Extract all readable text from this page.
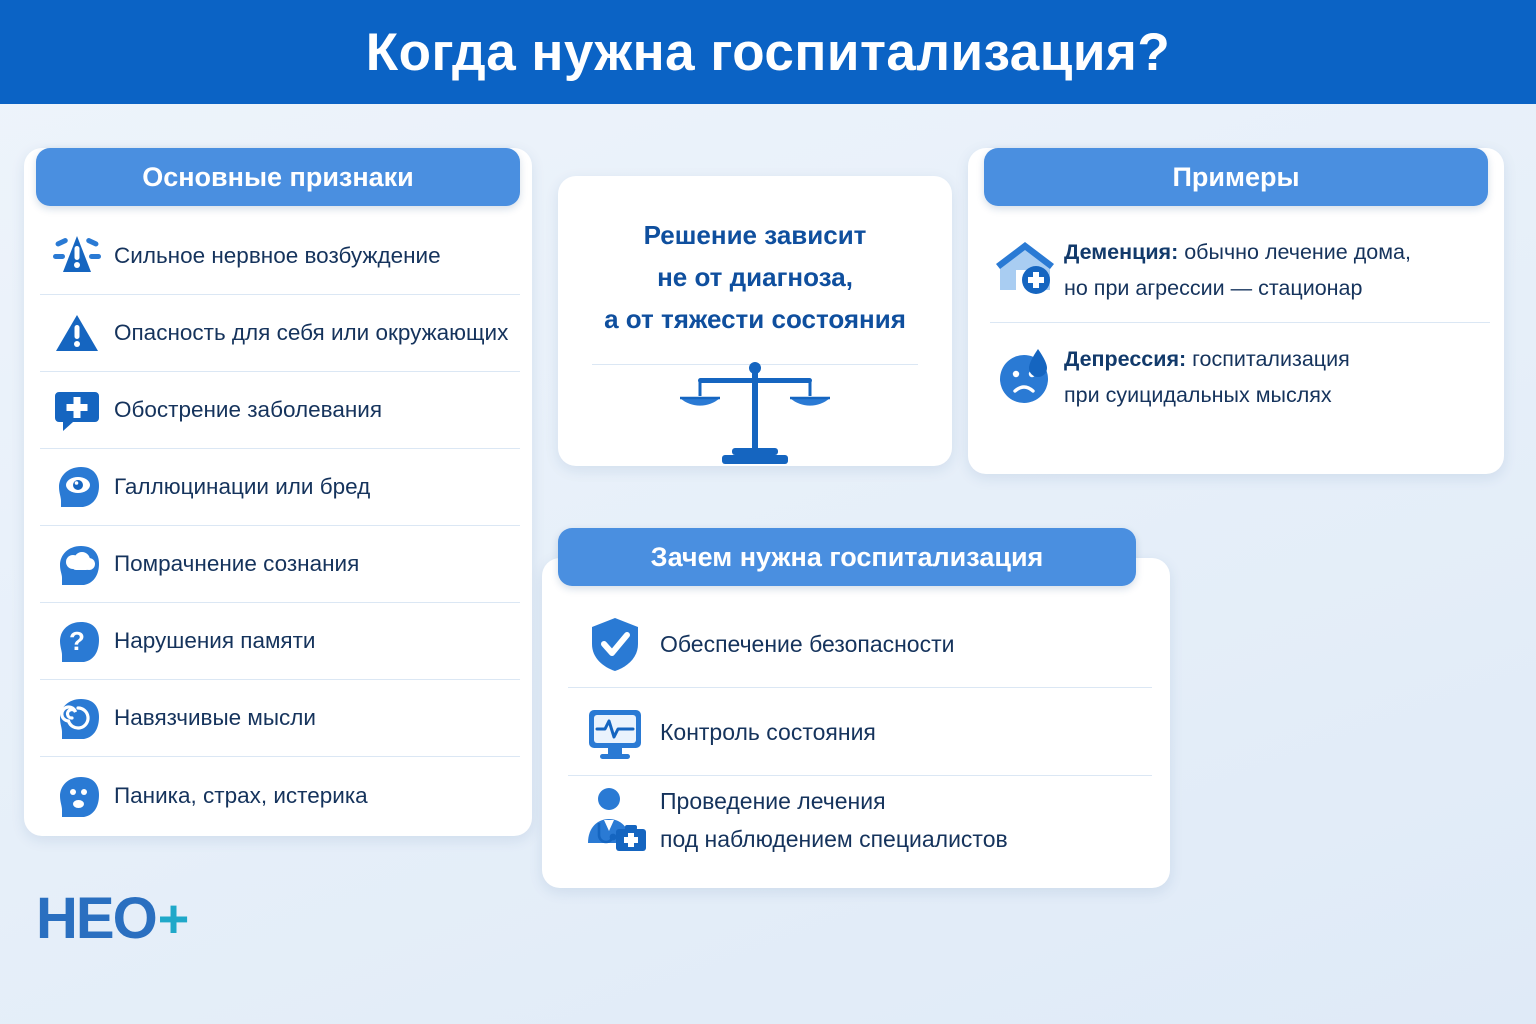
Когда нужна госпитализация?
Основные признаки
Сильное нервное возбуждение
Опасность для себя или окружающих
Обострение заболевания
Галлюцинации или бред
Помрачнение сознания
? Нарушения памяти
Навязчивые мысли
Паника, страх, истерика
Решение зависит
не от диагноза,
а от тяжести состояния
Примеры
Деменция: обычно лечение дома,
но при агрессии — стационар
Депрессия: госпитализация
при суицидальных мыслях
Зачем нужна госпитализация
Обеспечение безопасности
Контроль состояния
Проведение лечения
под наблюдением специалистов
HEO +
